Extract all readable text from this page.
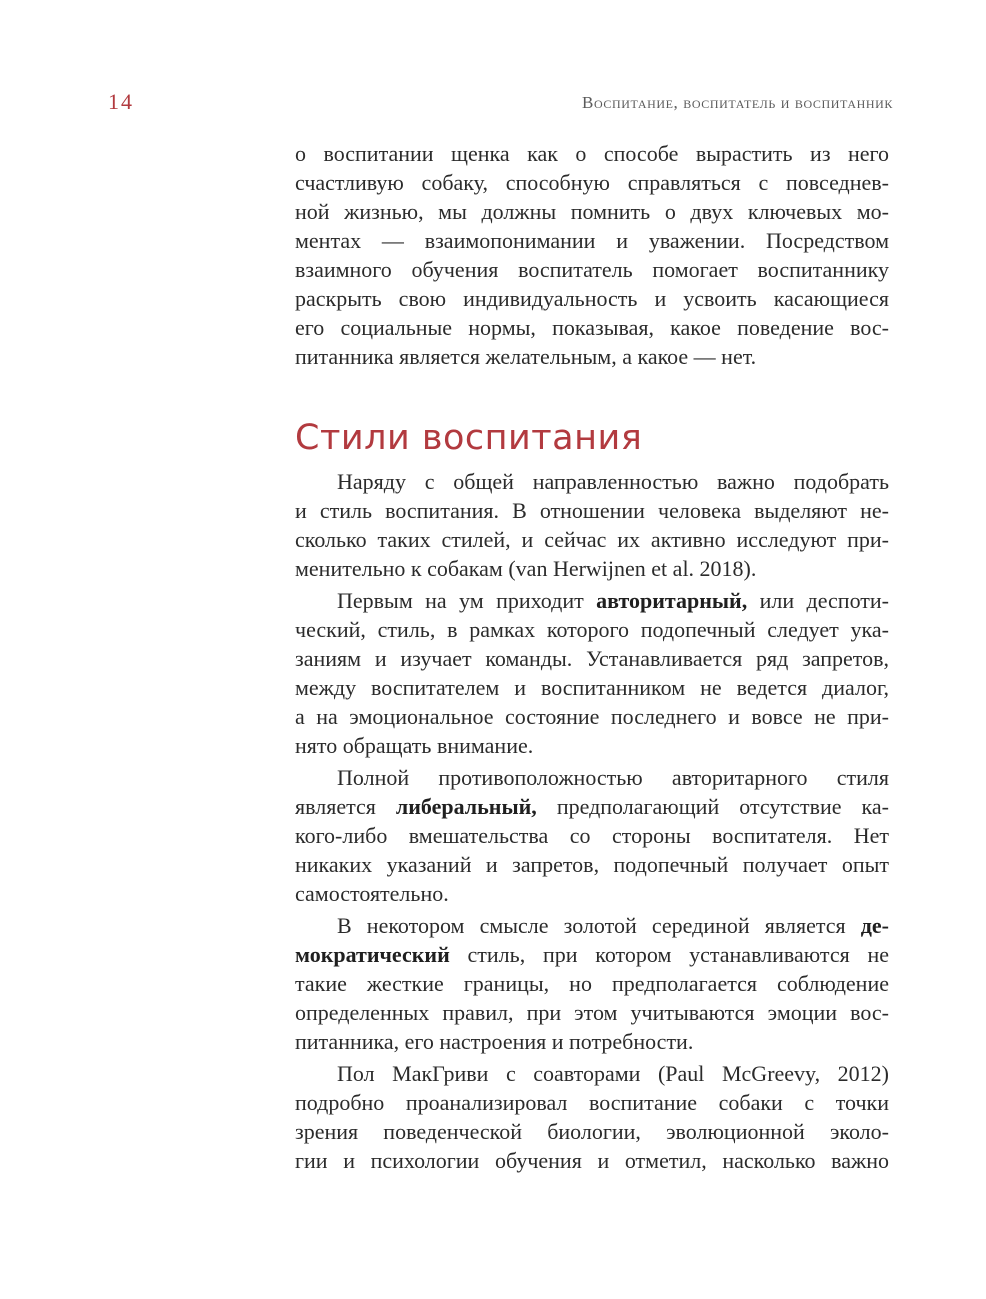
14	Воспитание, воспитатель и воспитанник
о воспитании щенка как о способе вырастить из него
счастливую собаку, способную справляться с повседнев-
ной жизнью, мы должны помнить о двух ключевых мо-
ментах — взаимопонимании и уважении. Посредством
взаимного обучения воспитатель помогает воспитаннику
раскрыть свою индивидуальность и усвоить касающиеся
его социальные нормы, показывая, какое поведение вос-
питанника является желательным, а какое — нет.
Стили воспитания
Наряду с общей направленностью важно подобрать
и стиль воспитания. В отношении человека выделяют не-
сколько таких стилей, и сейчас их активно исследуют при-
менительно к собакам (van Herwijnen et al. 2018).
Первым на ум приходит авторитарный, или деспоти-
ческий, стиль, в рамках которого подопечный следует ука-
заниям и изучает команды. Устанавливается ряд запретов,
между воспитателем и воспитанником не ведется диалог,
а на эмоциональное состояние последнего и вовсе не при-
нято обращать внимание.
Полной противоположностью авторитарного стиля
является либеральный, предполагающий отсутствие ка-
кого-либо вмешательства со стороны воспитателя. Нет
никаких указаний и запретов, подопечный получает опыт
самостоятельно.
В некотором смысле золотой серединой является де-
мократический стиль, при котором устанавливаются не
такие жесткие границы, но предполагается соблюдение
определенных правил, при этом учитываются эмоции вос-
питанника, его настроения и потребности.
Пол МакГриви с соавторами (Paul McGreevy, 2012)
подробно проанализировал воспитание собаки с точки
зрения поведенческой биологии, эволюционной эколо-
гии и психологии обучения и отметил, насколько важно
